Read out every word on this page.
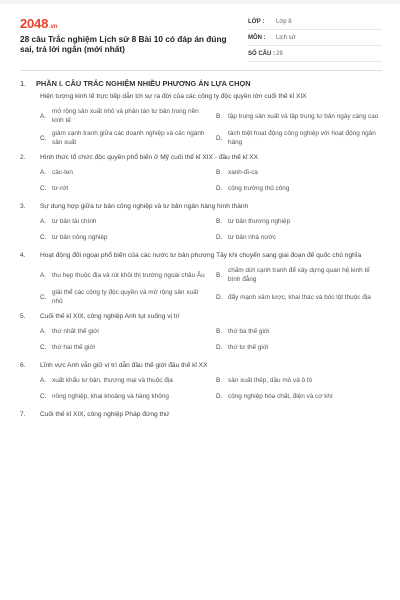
2048.vn
28 câu Trắc nghiệm Lịch sử 8 Bài 10 có đáp án đúng sai, trả lời ngắn (mới nhất)
LỚP :	Lớp 8
MÔN :	Lịch sử
SỐ CÂU : 28
1.	PHẦN I. CÂU TRẮC NGHIỆM NHIỀU PHƯƠNG ÁN LỰA CHỌN
Hiện tượng kinh tế trực tiếp dẫn tới sự ra đời của các công ty độc quyền lớn cuối thế kỉ XIX
A.
mở rộng sản xuất nhỏ và phân tán tư bản trong nền kinh tế
B. tập trung sản xuất và tập trung tư bản ngày càng cao
C.
giảm cạnh tranh giữa các doanh nghiệp và các ngành sản xuất
D.
tách biệt hoạt động công nghiệp với hoạt động ngân hàng
2.	Hình thức tổ chức độc quyền phổ biến ở Mỹ cuối thế kỉ XIX - đầu thế kỉ XX
A. các-ten	B. xanh-đi-ca
C. tơ-rớt	D. công trường thủ công
3.	Sự dung hợp giữa tư bản công nghiệp và tư bản ngân hàng hình thành
A. tư bản tài chính	B. tư bản thương nghiệp
C. tư bản nông nghiệp	D. tư bản nhà nước
4.	Hoạt động đối ngoại phổ biến của các nước tư bản phương Tây khi chuyển sang giai đoạn đế quốc chủ nghĩa
A. thu hẹp thuộc địa và rút khỏi thị trường ngoài châu Âu B.
chấm dứt cạnh tranh để xây dựng quan hệ kinh tế bình đẳng
C.
giải thể các công ty độc quyền và mở rộng sản xuất nhỏ
D. đẩy mạnh xâm lược, khai thác và bóc lột thuộc địa
5.	Cuối thế kỉ XIX, công nghiệp Anh tụt xuống vị trí
A. thứ nhất thế giới	B. thứ ba thế giới
C. thứ hai thế giới	D. thứ tư thế giới
6.	Lĩnh vực Anh vẫn giữ vị trí dẫn đầu thế giới đầu thế kỉ XX
A. xuất khẩu tư bản, thương mại và thuộc địa	B. sản xuất thép, dầu mỏ và ô tô
C. nông nghiệp, khai khoáng và hàng không	D. công nghiệp hóa chất, điện và cơ khí
7.	Cuối thế kỉ XIX, công nghiệp Pháp đứng thứ
